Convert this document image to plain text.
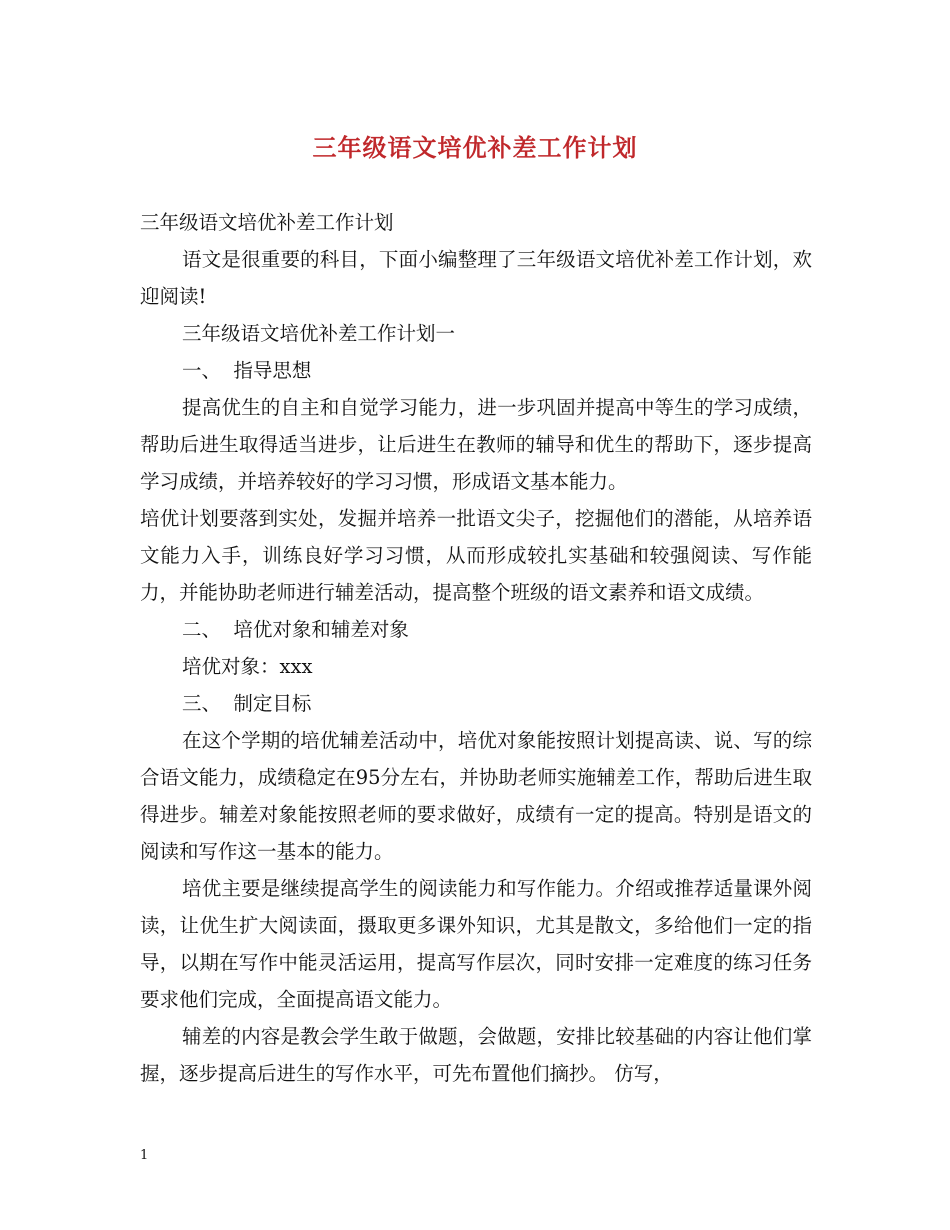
三年级语文培优补差工作计划

三年级语文培优补差工作计划

语文是很重要的科目，下面小编整理了三年级语文培优补差工作计划，欢迎阅读!

三年级语文培优补差工作计划一

一、  指导思想

提高优生的自主和自觉学习能力，进一步巩固并提高中等生的学习成绩，帮助后进生取得适当进步，让后进生在教师的辅导和优生的帮助下，逐步提高学习成绩，并培养较好的学习习惯，形成语文基本能力。

培优计划要落到实处，发掘并培养一批语文尖子，挖掘他们的潜能，从培养语文能力入手，训练良好学习习惯，从而形成较扎实基础和较强阅读、写作能力，并能协助老师进行辅差活动，提高整个班级的语文素养和语文成绩。

二、  培优对象和辅差对象

培优对象：xxx

三、  制定目标

在这个学期的培优辅差活动中，培优对象能按照计划提高读、说、写的综合语文能力，成绩稳定在95分左右，并协助老师实施辅差工作，帮助后进生取得进步。辅差对象能按照老师的要求做好，成绩有一定的提高。特别是语文的阅读和写作这一基本的能力。

培优主要是继续提高学生的阅读能力和写作能力。介绍或推荐适量课外阅读，让优生扩大阅读面，摄取更多课外知识，尤其是散文，多给他们一定的指导，以期在写作中能灵活运用，提高写作层次，同时安排一定难度的练习任务要求他们完成，全面提高语文能力。

辅差的内容是教会学生敢于做题，会做题，安排比较基础的内容让他们掌握，逐步提高后进生的写作水平，可先布置他们摘抄。 仿写，

1
